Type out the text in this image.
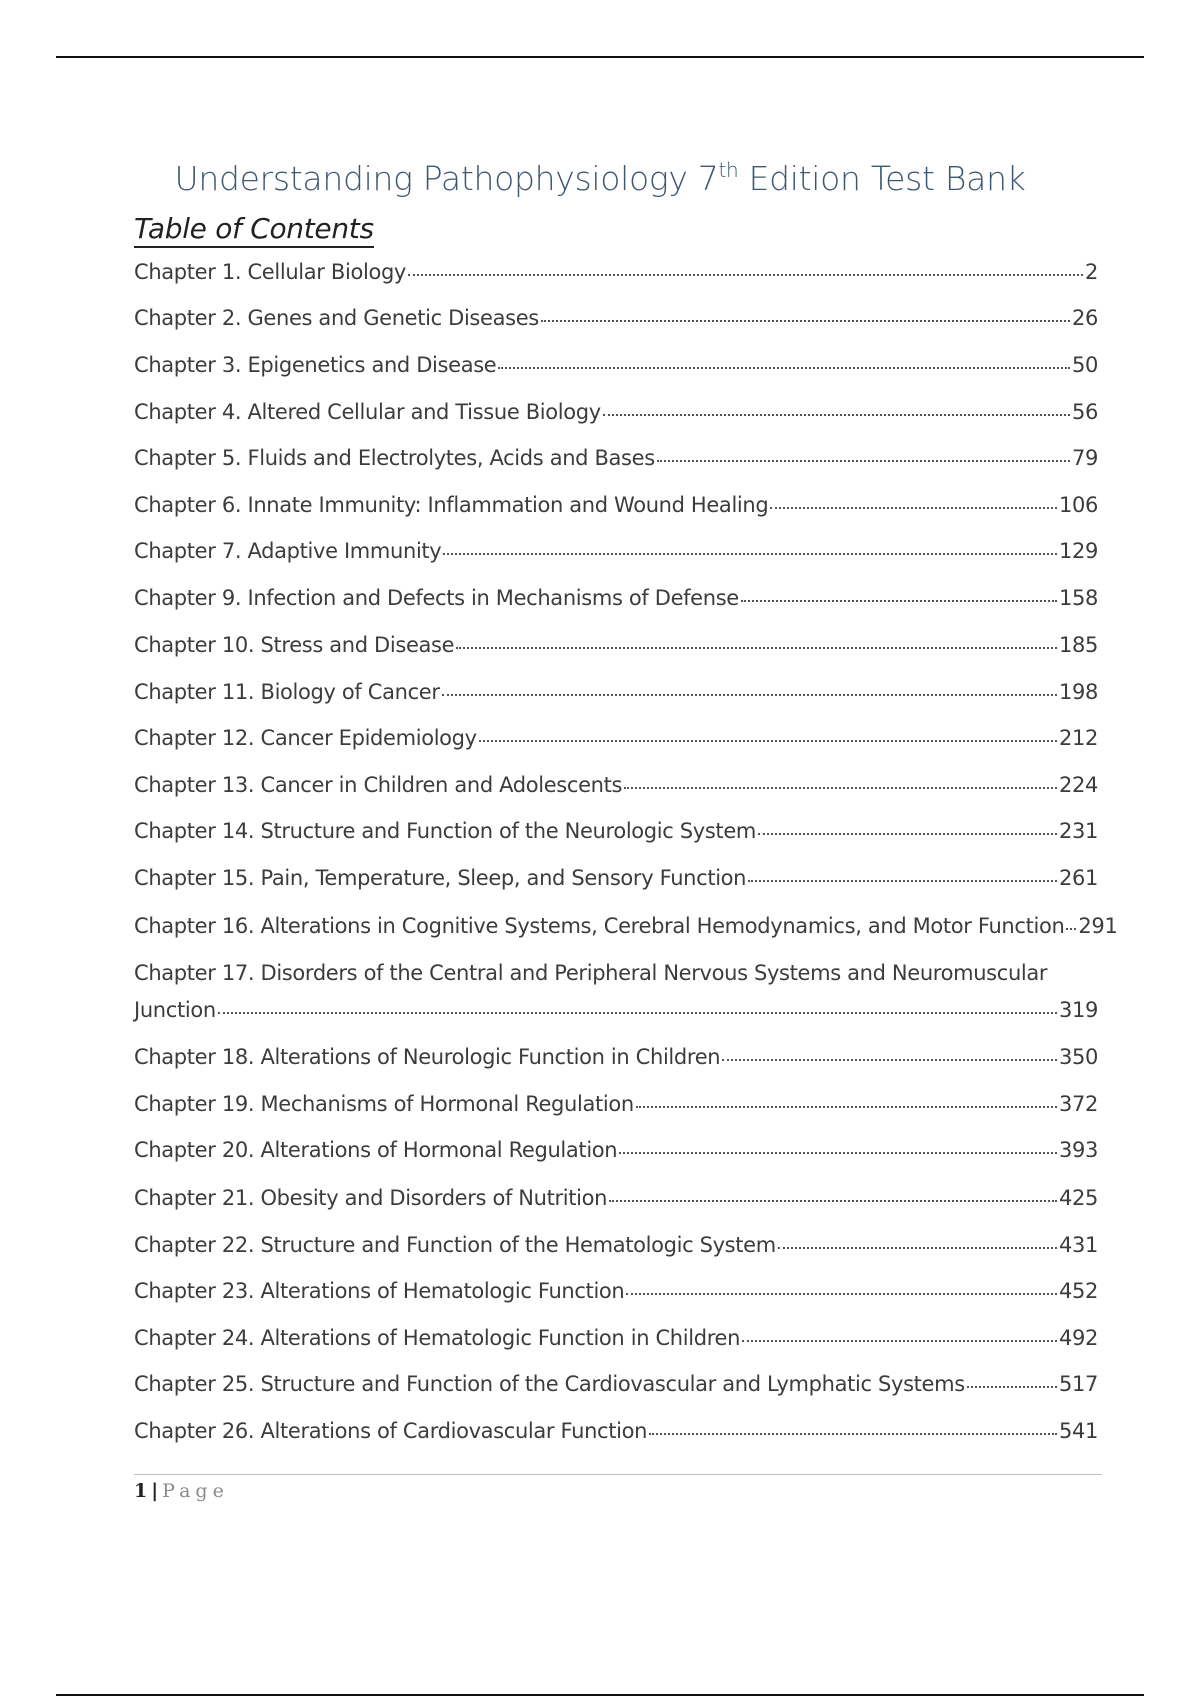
Understanding Pathophysiology 7th Edition Test Bank
Table of Contents
Chapter 1. Cellular Biology	2
Chapter 2. Genes and Genetic Diseases	26
Chapter 3. Epigenetics and Disease	50
Chapter 4. Altered Cellular and Tissue Biology	56
Chapter 5. Fluids and Electrolytes, Acids and Bases	79
Chapter 6. Innate Immunity: Inflammation and Wound Healing	106
Chapter 7. Adaptive Immunity	129
Chapter 9. Infection and Defects in Mechanisms of Defense	158
Chapter 10. Stress and Disease	185
Chapter 11. Biology of Cancer	198
Chapter 12. Cancer Epidemiology	212
Chapter 13. Cancer in Children and Adolescents	224
Chapter 14. Structure and Function of the Neurologic System	231
Chapter 15. Pain, Temperature, Sleep, and Sensory Function	261
Chapter 16. Alterations in Cognitive Systems, Cerebral Hemodynamics, and Motor Function 291
Chapter 17. Disorders of the Central and Peripheral Nervous Systems and Neuromuscular
Junction	319
Chapter 18. Alterations of Neurologic Function in Children	350
Chapter 19. Mechanisms of Hormonal Regulation	372
Chapter 20. Alterations of Hormonal Regulation	393
Chapter 21. Obesity and Disorders of Nutrition	425
Chapter 22. Structure and Function of the Hematologic System	431
Chapter 23. Alterations of Hematologic Function	452
Chapter 24. Alterations of Hematologic Function in Children	492
Chapter 25. Structure and Function of the Cardiovascular and Lymphatic Systems	517
Chapter 26. Alterations of Cardiovascular Function	541
1 | Page
